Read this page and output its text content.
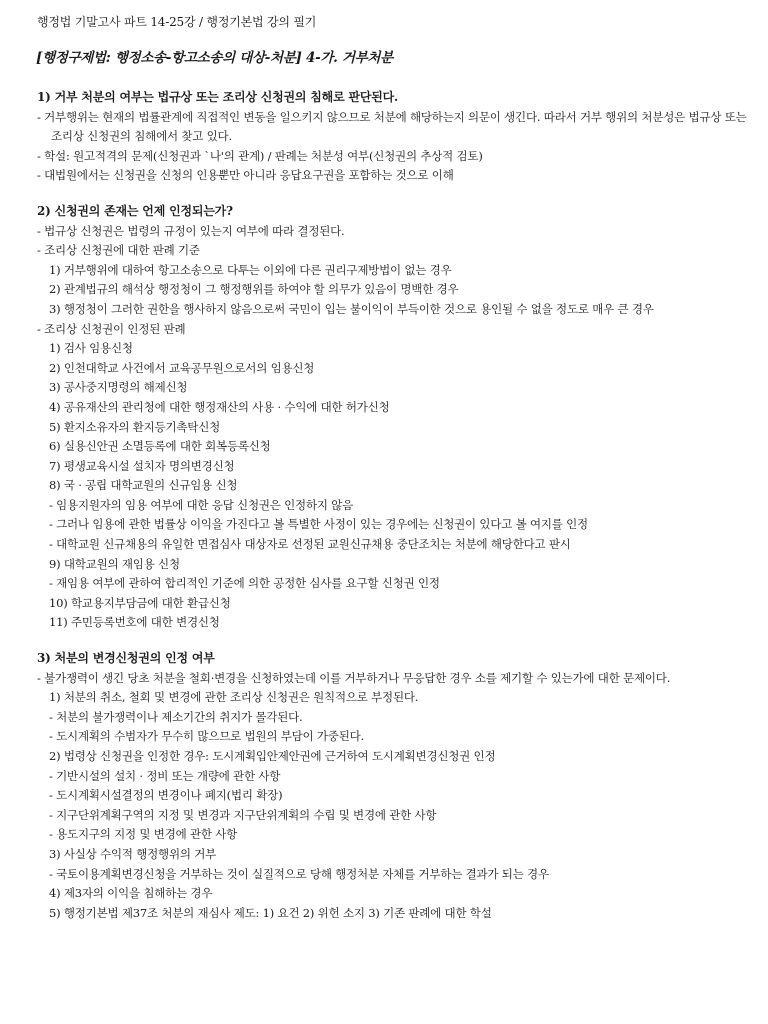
행정법 기말고사 파트 14-25강 / 행정기본법 강의 필기
[행정구제법: 행정소송-항고소송의 대상-처분] 4-가. 거부처분
1) 거부 처분의 여부는 법규상 또는 조리상 신청권의 침해로 판단된다.
- 거부행위는 현재의 법률관계에 직접적인 변동을 일으키지 않으므로 처분에 해당하는지 의문이 생긴다. 따라서 거부 행위의 처분성은 법규상 또는 조리상 신청권의 침해에서 찾고 있다.
- 학설: 원고적격의 문제(신청권과 `나'의 관계) / 판례는 처분성 여부(신청권의 추상적 검토)
- 대법원에서는 신청권을 신청의 인용뿐만 아니라 응답요구권을 포함하는 것으로 이해
2) 신청권의 존재는 언제 인정되는가?
- 법규상 신청권은 법령의 규정이 있는지 여부에 따라 결정된다.
- 조리상 신청권에 대한 판례 기준
1) 거부행위에 대하여 항고소송으로 다투는 이외에 다른 권리구제방법이 없는 경우
2) 관계법규의 해석상 행정청이 그 행정행위를 하여야 할 의무가 있음이 명백한 경우
3) 행정청이 그러한 권한을 행사하지 않음으로써 국민이 입는 불이익이 부득이한 것으로 용인될 수 없을 정도로 매우 큰 경우
- 조리상 신청권이 인정된 판례
1) 검사 임용신청
2) 인천대학교 사건에서 교육공무원으로서의 임용신청
3) 공사중지명령의 해제신청
4) 공유재산의 관리청에 대한 행정재산의 사용 · 수익에 대한 허가신청
5) 환지소유자의 환지등기촉탁신청
6) 실용신안권 소멸등록에 대한 회복등록신청
7) 평생교육시설 설치자 명의변경신청
8) 국 · 공립 대학교원의 신규임용 신청
- 임용지원자의 임용 여부에 대한 응답 신청권은 인정하지 않음
- 그러나 임용에 관한 법률상 이익을 가진다고 볼 특별한 사정이 있는 경우에는 신청권이 있다고 볼 여지를 인정
- 대학교원 신규채용의 유일한 면접심사 대상자로 선정된 교원신규채용 중단조치는 처분에 해당한다고 판시
9) 대학교원의 재임용 신청
- 재임용 여부에 관하여 합리적인 기준에 의한 공정한 심사를 요구할 신청권 인정
10) 학교용지부담금에 대한 환급신청
11) 주민등록번호에 대한 변경신청
3) 처분의 변경신청권의 인정 여부
- 불가쟁력이 생긴 당초 처분을 철회·변경을 신청하였는데 이를 거부하거나 무응답한 경우 소를 제기할 수 있는가에 대한 문제이다.
1) 처분의 취소, 철회 및 변경에 관한 조리상 신청권은 원칙적으로 부정된다.
- 처분의 불가쟁력이나 제소기간의 취지가 몰각된다.
- 도시계획의 수범자가 무수히 많으므로 법원의 부담이 가중된다.
2) 법령상 신청권을 인정한 경우: 도시계획입안제안권에 근거하여 도시계획변경신청권 인정
- 기반시설의 설치 · 정비 또는 개량에 관한 사항
- 도시계획시설결정의 변경이나 폐지(법리 확장)
- 지구단위계획구역의 지정 및 변경과 지구단위계획의 수립 및 변경에 관한 사항
- 용도지구의 지정 및 변경에 관한 사항
3) 사실상 수익적 행정행위의 거부
- 국토이용계획변경신청을 거부하는 것이 실질적으로 당해 행정처분 자체를 거부하는 결과가 되는 경우
4) 제3자의 이익을 침해하는 경우
5) 행정기본법 제37조 처분의 재심사 제도: 1) 요건 2) 위헌 소지 3) 기존 판례에 대한 학설
